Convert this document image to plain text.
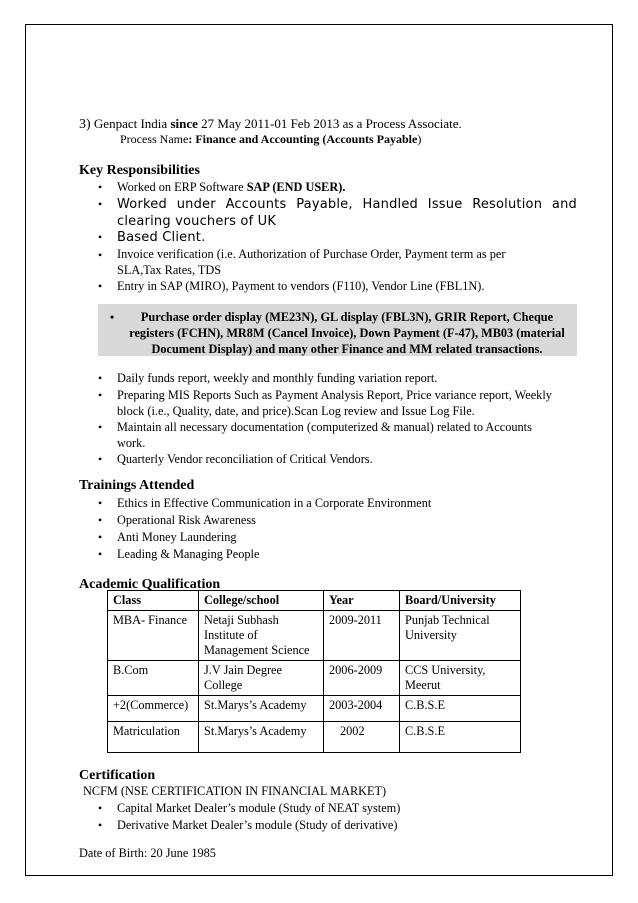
3) Genpact India since 27 May 2011-01 Feb 2013 as a Process Associate.
Process Name: Finance and Accounting (Accounts Payable)
Key Responsibilities
•
Worked on ERP Software SAP (END USER).
•
Worked under Accounts Payable, Handled Issue Resolution and
clearing vouchers of UK
•
Based Client.
•
Invoice verification (i.e. Authorization of Purchase Order, Payment term as per
SLA,Tax Rates, TDS
•
Entry in SAP (MIRO), Payment to vendors (F110), Vendor Line (FBL1N).
•
Purchase order display (ME23N), GL display (FBL3N), GRIR Report, Cheque
registers (FCHN), MR8M (Cancel Invoice), Down Payment (F-47), MB03 (material
Document Display) and many other Finance and MM related transactions.
•
Daily funds report, weekly and monthly funding variation report.
•
Preparing MIS Reports Such as Payment Analysis Report, Price variance report, Weekly
block (i.e., Quality, date, and price).Scan Log review and Issue Log File.
•
Maintain all necessary documentation (computerized & manual) related to Accounts
work.
•
Quarterly Vendor reconciliation of Critical Vendors.
Trainings Attended
•
Ethics in Effective Communication in a Corporate Environment
•
Operational Risk Awareness
•
Anti Money Laundering
•
Leading & Managing People
Academic Qualification
Class	College/school	Year	Board/University
MBA- Finance	Netaji Subhash Institute of Management Science	2009-2011	Punjab Technical University
B.Com	J.V Jain Degree College	2006-2009	CCS University, Meerut
+2(Commerce)	St.Marys’s Academy	2003-2004	C.B.S.E
Matriculation	St.Marys’s Academy	2002	C.B.S.E
Certification
NCFM (NSE CERTIFICATION IN FINANCIAL MARKET)
•
Capital Market Dealer’s module (Study of NEAT system)
•
Derivative Market Dealer’s module (Study of derivative)
Date of Birth: 20 June 1985
